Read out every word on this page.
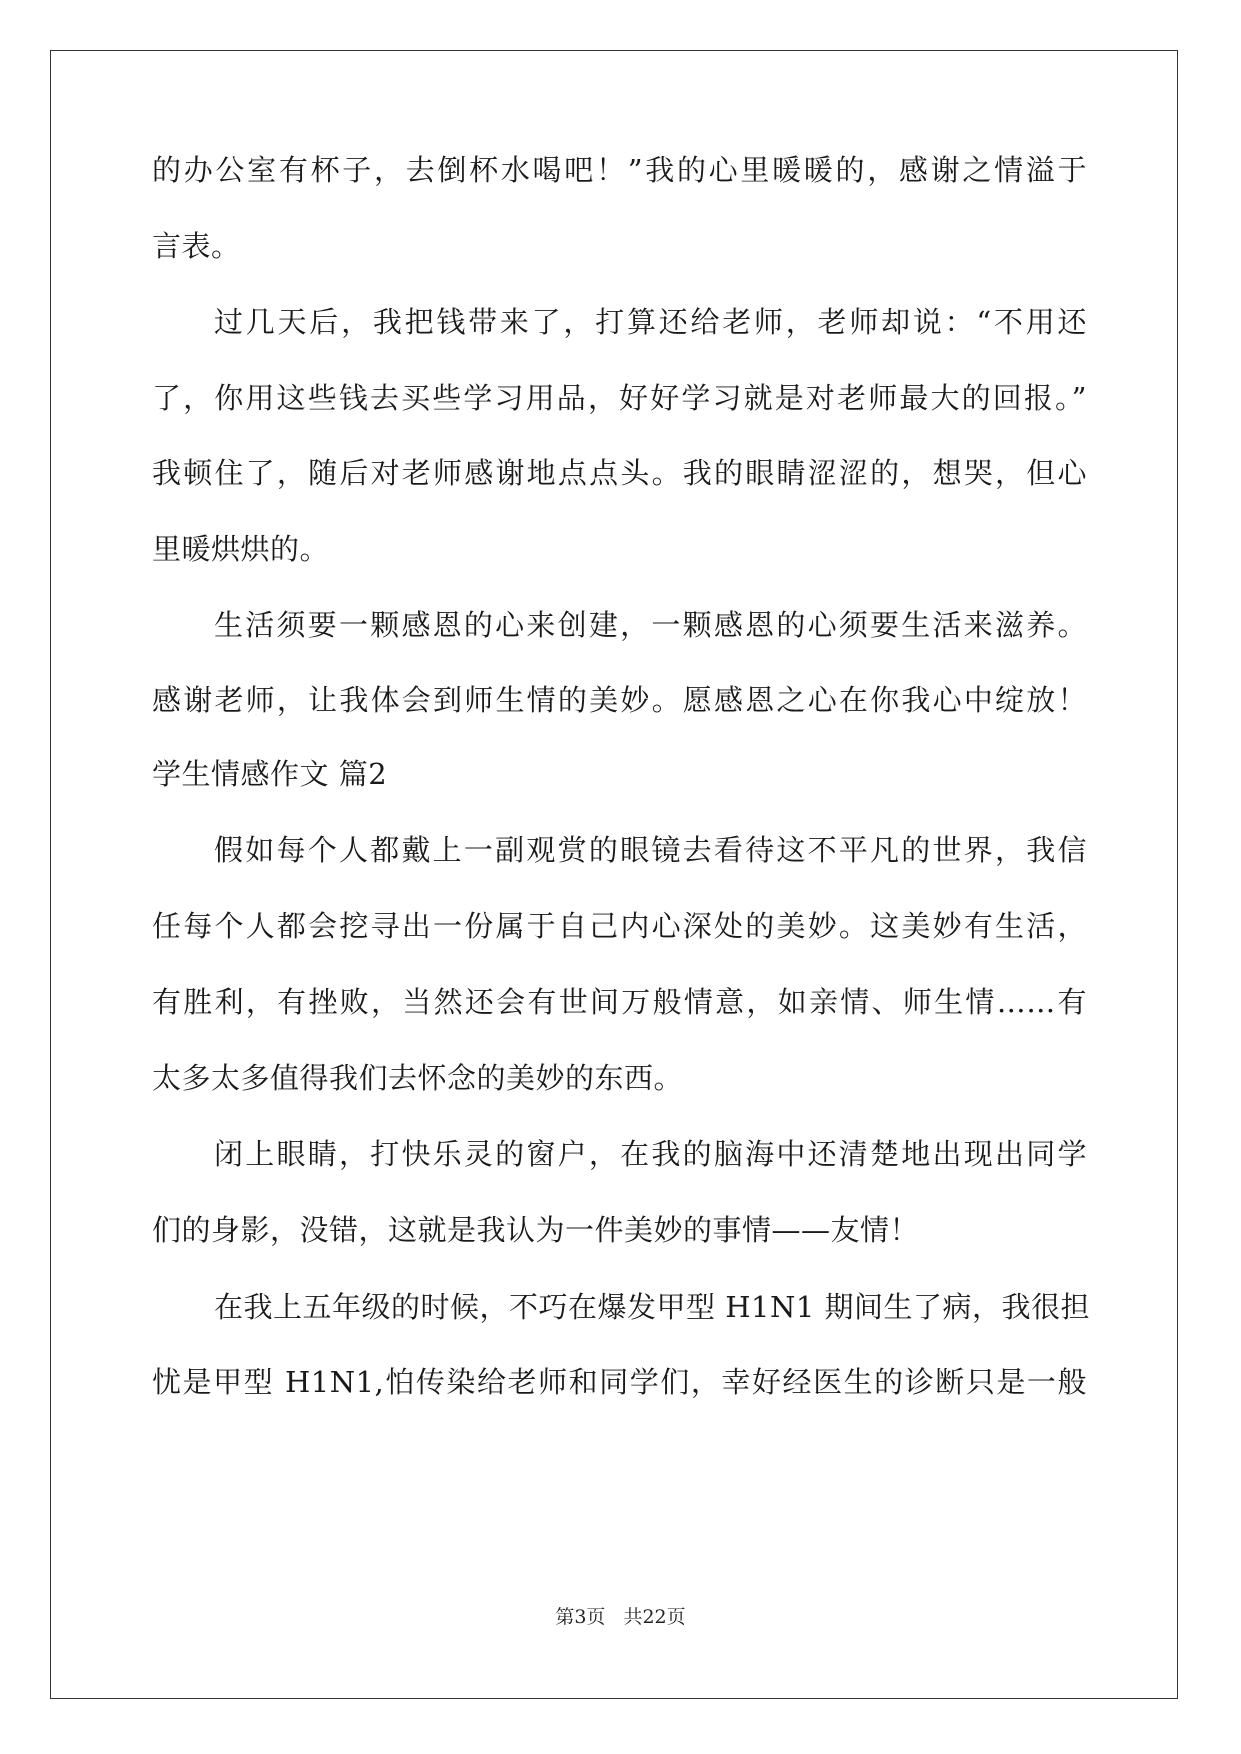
的办公室有杯子，去倒杯水喝吧！”我的心里暖暖的，感谢之情溢于
言表。
过几天后，我把钱带来了，打算还给老师，老师却说：“不用还
了，你用这些钱去买些学习用品，好好学习就是对老师最大的回报。”
我顿住了，随后对老师感谢地点点头。我的眼睛涩涩的，想哭，但心
里暖烘烘的。
生活须要一颗感恩的心来创建，一颗感恩的心须要生活来滋养。
感谢老师，让我体会到师生情的美妙。愿感恩之心在你我心中绽放！
学生情感作文 篇2
假如每个人都戴上一副观赏的眼镜去看待这不平凡的世界，我信
任每个人都会挖寻出一份属于自己内心深处的美妙。这美妙有生活，
有胜利，有挫败，当然还会有世间万般情意，如亲情、师生情……有
太多太多值得我们去怀念的美妙的东西。
闭上眼睛，打快乐灵的窗户，在我的脑海中还清楚地出现出同学
们的身影，没错，这就是我认为一件美妙的事情——友情！
在我上五年级的时候，不巧在爆发甲型 H1N1 期间生了病，我很担
忧是甲型 H1N1,怕传染给老师和同学们，幸好经医生的诊断只是一般
第3页 共22页
